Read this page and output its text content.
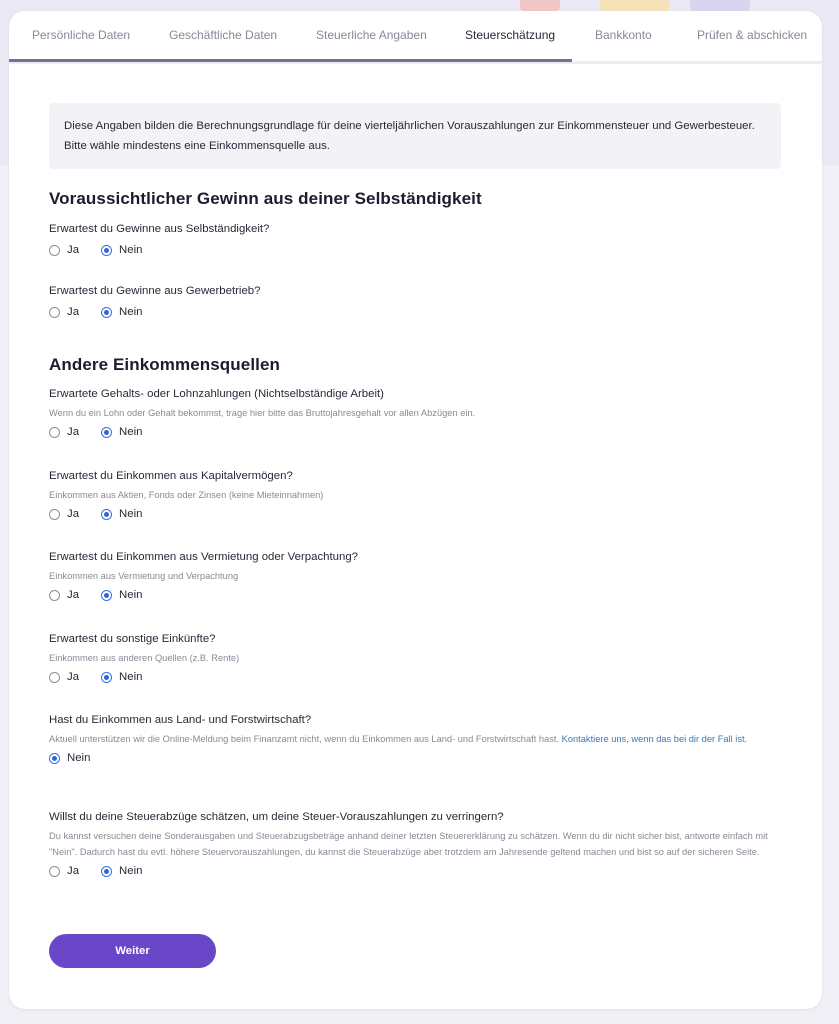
Persönliche Daten	Geschäftliche Daten	Steuerliche Angaben	Steuerschätzung	Bankkonto	Prüfen & abschicken
Diese Angaben bilden die Berechnungsgrundlage für deine vierteljährlichen Vorauszahlungen zur Einkommensteuer und Gewerbesteuer.
Bitte wähle mindestens eine Einkommensquelle aus.
Voraussichtlicher Gewinn aus deiner Selbständigkeit
Erwartest du Gewinne aus Selbständigkeit?
Ja	Nein
Erwartest du Gewinne aus Gewerbetrieb?
Ja	Nein
Andere Einkommensquellen
Erwartete Gehalts- oder Lohnzahlungen (Nichtselbständige Arbeit)
Wenn du ein Lohn oder Gehalt bekommst, trage hier bitte das Bruttojahresgehalt vor allen Abzügen ein.
Ja	Nein
Erwartest du Einkommen aus Kapitalvermögen?
Einkommen aus Aktien, Fonds oder Zinsen (keine Mieteinnahmen)
Ja	Nein
Erwartest du Einkommen aus Vermietung oder Verpachtung?
Einkommen aus Vermietung und Verpachtung
Ja	Nein
Erwartest du sonstige Einkünfte?
Einkommen aus anderen Quellen (z.B. Rente)
Ja	Nein
Hast du Einkommen aus Land- und Forstwirtschaft?
Aktuell unterstützen wir die Online-Meldung beim Finanzamt nicht, wenn du Einkommen aus Land- und Forstwirtschaft hast. Kontaktiere uns, wenn das bei dir der Fall ist.
Nein
Willst du deine Steuerabzüge schätzen, um deine Steuer-Vorauszahlungen zu verringern?
Du kannst versuchen deine Sonderausgaben und Steuerabzugsbeträge anhand deiner letzten Steuererklärung zu schätzen. Wenn du dir nicht sicher bist, antworte einfach mit "Nein". Dadurch hast du evtl. höhere Steuervorauszahlungen, du kannst die Steuerabzüge aber trotzdem am Jahresende geltend machen und bist so auf der sicheren Seite.
Ja	Nein
Weiter
